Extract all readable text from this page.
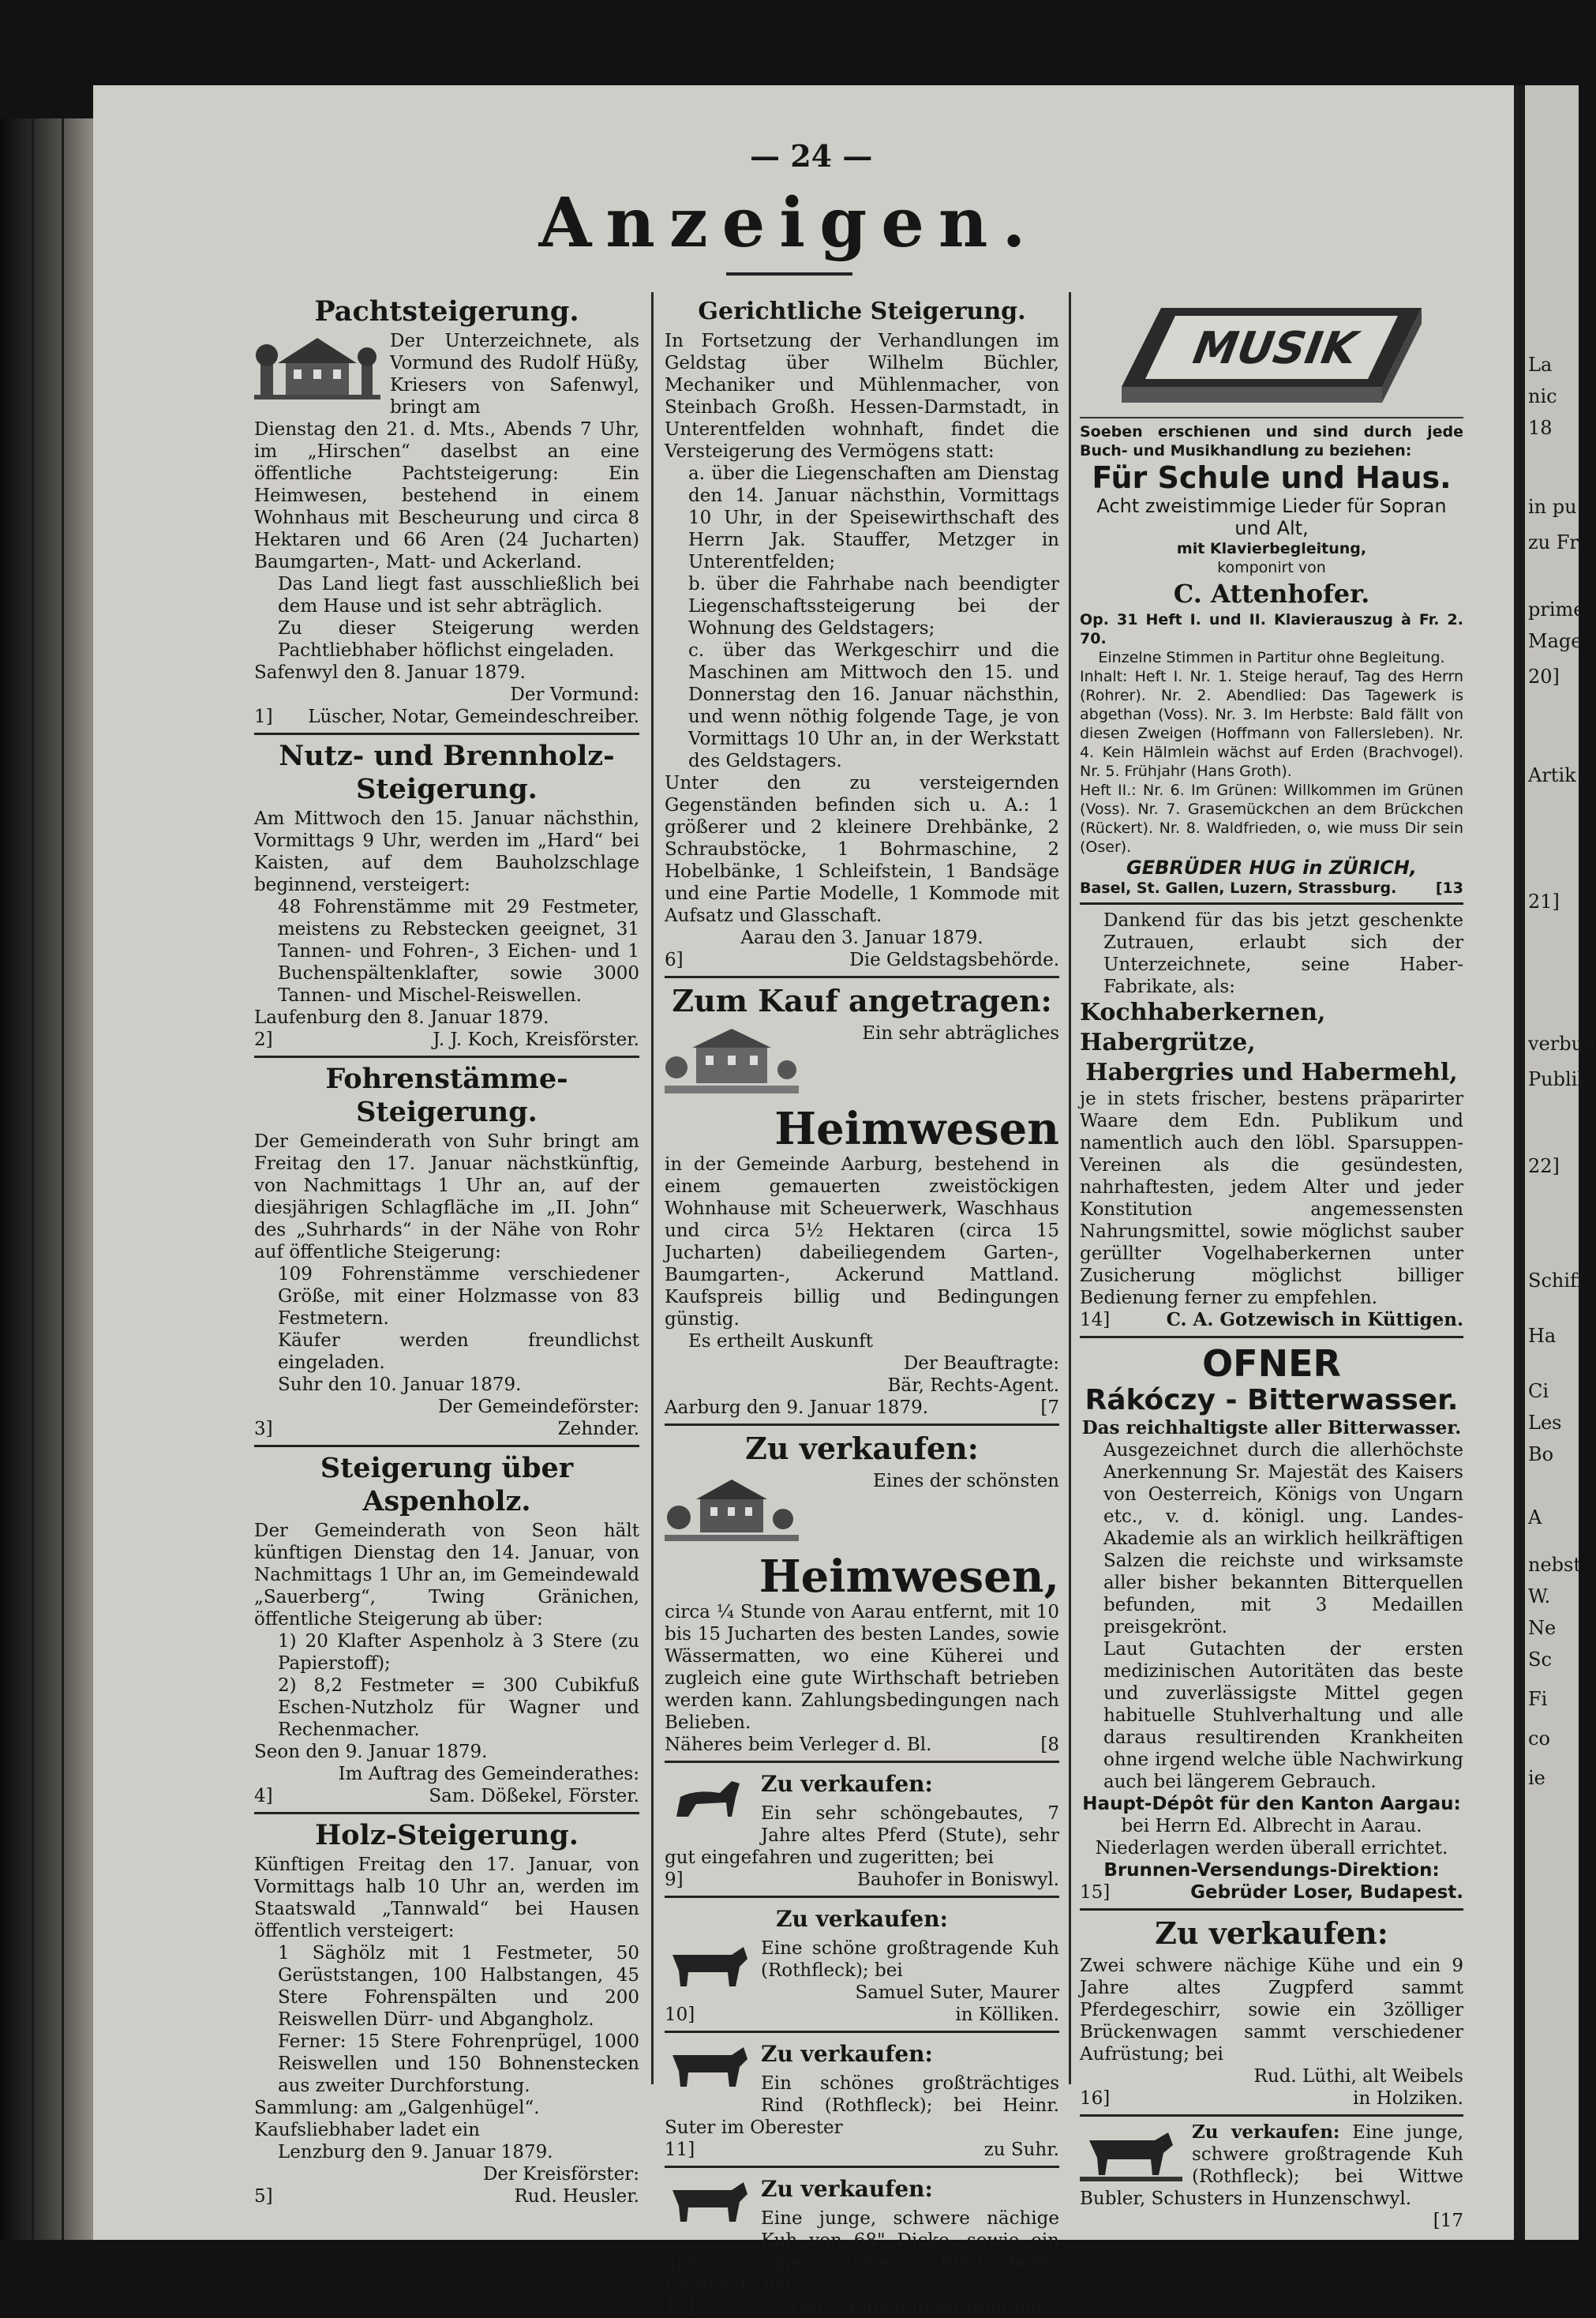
La
nic
18
in pu
zu Fr
prime
Mage
20]
Artik
21]
verbun
Publik
22]
Schiff
Ha
Ci
Les
Bo
A
nebst
W.
Ne
Sc
Fi
co
ie
— 24 —
Anzeigen.
Pachtsteigerung.

Der Unterzeichnete, als Vormund des Rudolf Hüßy, Kriesers von Safenwyl, bringt am

Dienstag den 21. d. Mts., Abends 7 Uhr, im „Hirschen“ daselbst an eine öffentliche Pachtsteigerung: Ein Heimwesen, bestehend in einem Wohnhaus mit Bescheurung und circa 8 Hektaren und 66 Aren (24 Jucharten) Baumgarten-, Matt- und Ackerland.

Das Land liegt fast ausschließlich bei dem Hause und ist sehr abträglich.

Zu dieser Steigerung werden Pachtliebhaber höflichst eingeladen.

Safenwyl den 8. Januar 1879.

Der Vormund:

1] Lüscher, Notar, Gemeindeschreiber.
Nutz- und Brennholz-Steigerung.

Am Mittwoch den 15. Januar nächsthin, Vormittags 9 Uhr, werden im „Hard“ bei Kaisten, auf dem Bauholzschlage beginnend, versteigert:

48 Fohrenstämme mit 29 Festmeter, meistens zu Rebstecken geeignet, 31 Tannen- und Fohren-, 3 Eichen- und 1 Buchenspältenklafter, sowie 3000 Tannen- und Mischel-Reiswellen.

Laufenburg den 8. Januar 1879.

2]	J. J. Koch, Kreisförster.
Fohrenstämme-Steigerung.

Der Gemeinderath von Suhr bringt am Freitag den 17. Januar nächstkünftig, von Nachmittags 1 Uhr an, auf der diesjährigen Schlagfläche im „II. John“ des „Suhrhards“ in der Nähe von Rohr auf öffentliche Steigerung:

109 Fohrenstämme verschiedener Größe, mit einer Holzmasse von 83 Festmetern.

Käufer werden freundlichst eingeladen.

Suhr den 10. Januar 1879.

Der Gemeindeförster:

3]	Zehnder.
Steigerung über Aspenholz.

Der Gemeinderath von Seon hält künftigen Dienstag den 14. Januar, von Nachmittags 1 Uhr an, im Gemeindewald „Sauerberg“, Twing Gränichen, öffentliche Steigerung ab über:

1) 20 Klafter Aspenholz à 3 Stere (zu Papierstoff);

2) 8,2 Festmeter = 300 Cubikfuß Eschen-Nutzholz für Wagner und Rechenmacher.

Seon den 9. Januar 1879.

Im Auftrag des Gemeinderathes:

4]	Sam. Dößekel, Förster.
Holz-Steigerung.

Künftigen Freitag den 17. Januar, von Vormittags halb 10 Uhr an, werden im Staatswald „Tannwald“ bei Hausen öffentlich versteigert:

1 Säghölz mit 1 Festmeter, 50 Gerüststangen, 100 Halbstangen, 45 Stere Fohrenspälten und 200 Reiswellen Dürr- und Abgangholz.

Ferner: 15 Stere Fohrenprügel, 1000 Reiswellen und 150 Bohnenstecken aus zweiter Durchforstung.

Sammlung: am „Galgenhügel“.

Kaufsliebhaber ladet ein

Lenzburg den 9. Januar 1879.

Der Kreisförster:

5]	Rud. Heusler.
Gerichtliche Steigerung.

In Fortsetzung der Verhandlungen im Geldstag über Wilhelm Büchler, Mechaniker und Mühlenmacher, von Steinbach Großh. Hessen-Darmstadt, in Unterentfelden wohnhaft, findet die Versteigerung des Vermögens statt:

a. über die Liegenschaften am Dienstag den 14. Januar nächsthin, Vormittags 10 Uhr, in der Speisewirthschaft des Herrn Jak. Stauffer, Metzger in Unterentfelden;

b. über die Fahrhabe nach beendigter Liegenschaftssteigerung bei der Wohnung des Geldstagers;

c. über das Werkgeschirr und die Maschinen am Mittwoch den 15. und Donnerstag den 16. Januar nächsthin, und wenn nöthig folgende Tage, je von Vormittags 10 Uhr an, in der Werkstatt des Geldstagers.

Unter den zu versteigernden Gegenständen befinden sich u. A.: 1 größerer und 2 kleinere Drehbänke, 2 Schraubstöcke, 1 Bohrmaschine, 2 Hobelbänke, 1 Schleifstein, 1 Bandsäge und eine Partie Modelle, 1 Kommode mit Aufsatz und Glasschaft.

Aarau den 3. Januar 1879.

6]	Die Geldstagsbehörde.
Zum Kauf angetragen:

Ein sehr abträgliches

Heimwesen

in der Gemeinde Aarburg, bestehend in einem gemauerten zweistöckigen Wohnhause mit Scheuerwerk, Waschhaus und circa 5½ Hektaren (circa 15 Jucharten) dabeiliegendem Garten-, Baumgarten-, Ackerund Mattland. Kaufspreis billig und Bedingungen günstig.

Es ertheilt Auskunft

Der Beauftragte:

Bär, Rechts-Agent.

Aarburg den 9. Januar 1879.	[7
Zu verkaufen:

Eines der schönsten

Heimwesen,

circa ¼ Stunde von Aarau entfernt, mit 10 bis 15 Jucharten des besten Landes, sowie Wässermatten, wo eine Küherei und zugleich eine gute Wirthschaft betrieben werden kann. Zahlungsbedingungen nach Belieben.

Näheres beim Verleger d. Bl.	[8
Zu verkaufen:

Ein sehr schöngebautes, 7 Jahre altes Pferd (Stute), sehr gut eingefahren und zugeritten; bei

9]	Bauhofer in Boniswyl.
Zu verkaufen:

Eine schöne großtragende Kuh (Rothfleck); bei

Samuel Suter, Maurer

10]	in Kölliken.
Zu verkaufen:

Ein schönes großträchtiges Rind (Rothfleck); bei Heinr. Suter im Oberester

11]	zu Suhr.
Zu verkaufen:

Eine junge, schwere nächige Kuh von 68" Dicke, sowie ein ganz nächiges schweres Rind, beide Gelbfleck; bei

12]	Gottl. Künzli in Mittelmuhen.
MUSIK

Soeben erschienen und sind durch jede Buch- und Musikhandlung zu beziehen:

Für Schule und Haus.
Acht zweistimmige Lieder für Sopran und Alt,
mit Klavierbegleitung,
komponirt von
C. Attenhofer.

Op. 31 Heft I. und II. Klavierauszug à Fr. 2. 70.

Einzelne Stimmen in Partitur ohne Begleitung.

Inhalt: Heft I. Nr. 1. Steige herauf, Tag des Herrn (Rohrer). Nr. 2. Abendlied: Das Tagewerk is abgethan (Voss). Nr. 3. Im Herbste: Bald fällt von diesen Zweigen (Hoffmann von Fallersleben). Nr. 4. Kein Hälmlein wächst auf Erden (Brachvogel). Nr. 5. Frühjahr (Hans Groth).

Heft II.: Nr. 6. Im Grünen: Willkommen im Grünen (Voss). Nr. 7. Grasemückchen an dem Brückchen (Rückert). Nr. 8. Waldfrieden, o, wie muss Dir sein (Oser).

GEBRÜDER HUG in ZÜRICH,

Basel, St. Gallen, Luzern, Strassburg.	[13

Dankend für das bis jetzt geschenkte Zutrauen, erlaubt sich der Unterzeichnete, seine Haber-Fabrikate, als:

Kochhaberkernen, Habergrütze,

Habergries und Habermehl,

je in stets frischer, bestens präparirter Waare dem Edn. Publikum und namentlich auch den löbl. Sparsuppen-Vereinen als die gesündesten, nahrhaftesten, jedem Alter und jeder Konstitution angemessensten Nahrungsmittel, sowie möglichst sauber gerüllter Vogelhaberkernen unter Zusicherung möglichst billiger Bedienung ferner zu empfehlen.

14]	C. A. Gotzewisch in Küttigen.
OFNER
Rákóczy - Bitterwasser.

Das reichhaltigste aller Bitterwasser.

Ausgezeichnet durch die allerhöchste Anerkennung Sr. Majestät des Kaisers von Oesterreich, Königs von Ungarn etc., v. d. königl. ung. Landes-Akademie als an wirklich heilkräftigen Salzen die reichste und wirksamste aller bisher bekannten Bitterquellen befunden, mit 3 Medaillen preisgekrönt.

Laut Gutachten der ersten medizinischen Autoritäten das beste und zuverlässigste Mittel gegen habituelle Stuhlverhaltung und alle daraus resultirenden Krankheiten ohne irgend welche üble Nachwirkung auch bei längerem Gebrauch.

Haupt-Dépôt für den Kanton Aargau:

bei Herrn Ed. Albrecht in Aarau.

Niederlagen werden überall errichtet.

Brunnen-Versendungs-Direktion:

15]	Gebrüder Loser, Budapest.
Zu verkaufen:

Zwei schwere nächige Kühe und ein 9 Jahre altes Zugpferd sammt Pferdegeschirr, sowie ein 3zölliger Brückenwagen sammt verschiedener Aufrüstung; bei

Rud. Lüthi, alt Weibels

16]	in Holziken.

Zu verkaufen: Eine junge, schwere großtragende Kuh (Rothfleck); bei Wittwe Bubler, Schusters in Hunzenschwyl.

[17
